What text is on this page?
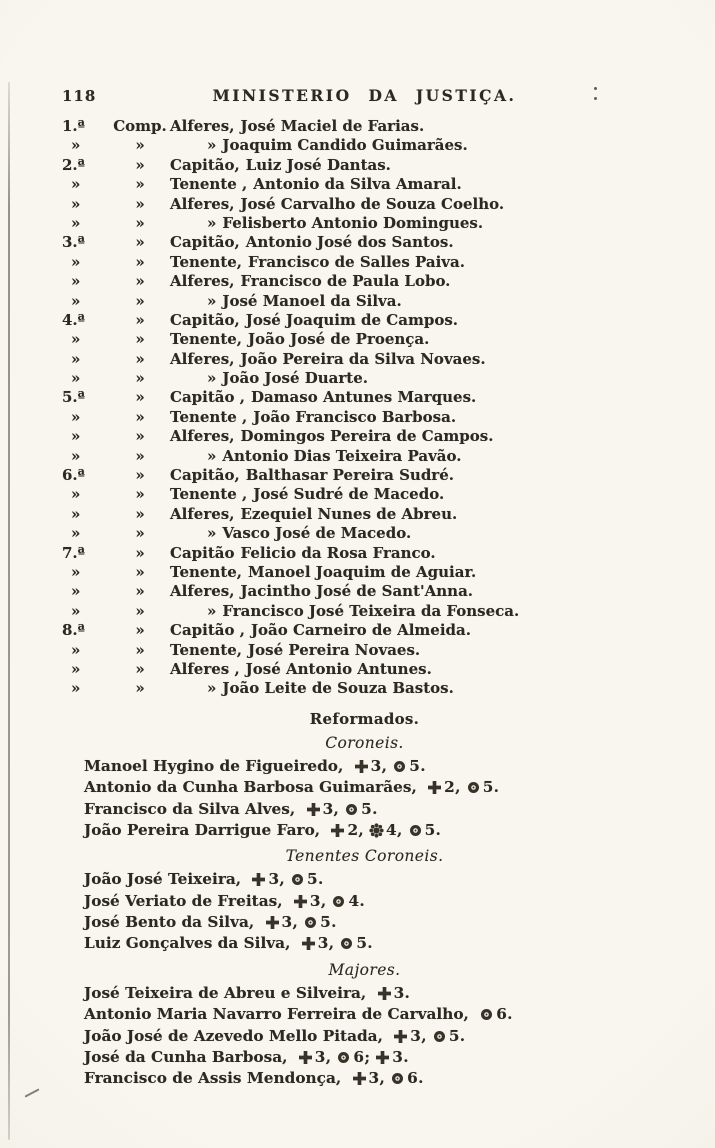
118	MINISTERIO DA JUSTIÇA.
1.ª	Comp. Alferes, José Maciel de Farias.
»	»	» Joaquim Candido Guimarães.
2.ª	»	Capitão, Luiz José Dantas.
»	»	Tenente , Antonio da Silva Amaral.
»	»	Alferes, José Carvalho de Souza Coelho.
»	»	» Felisberto Antonio Domingues.
3.ª	»	Capitão, Antonio José dos Santos.
»	»	Tenente, Francisco de Salles Paiva.
»	»	Alferes, Francisco de Paula Lobo.
»	»	» José Manoel da Silva.
4.ª	»	Capitão, José Joaquim de Campos.
»	»	Tenente, João José de Proença.
»	»	Alferes, João Pereira da Silva Novaes.
»	»	» João José Duarte.
5.ª	»	Capitão , Damaso Antunes Marques.
»	»	Tenente , João Francisco Barbosa.
»	»	Alferes, Domingos Pereira de Campos.
»	»	» Antonio Dias Teixeira Pavão.
6.ª	»	Capitão, Balthasar Pereira Sudré.
»	»	Tenente , José Sudré de Macedo.
»	»	Alferes, Ezequiel Nunes de Abreu.
»	»	» Vasco José de Macedo.
7.ª	»	Capitão Felicio da Rosa Franco.
»	»	Tenente, Manoel Joaquim de Aguiar.
»	»	Alferes, Jacintho José de Sant'Anna.
»	»	» Francisco José Teixeira da Fonseca.
8.ª	»	Capitão , João Carneiro de Almeida.
»	»	Tenente, José Pereira Novaes.
»	»	Alferes , José Antonio Antunes.
»	»	» João Leite de Souza Bastos.
Reformados.
Coroneis.
Manoel Hygino de Figueiredo, 3, 5.
Antonio da Cunha Barbosa Guimarães, 2, 5.
Francisco da Silva Alves, 3, 5.
João Pereira Darrigue Faro, 2, 4, 5.
Tenentes Coroneis.
João José Teixeira, 3, 5.
José Veriato de Freitas, 3, 4.
José Bento da Silva, 3, 5.
Luiz Gonçalves da Silva, 3, 5.
Majores.
José Teixeira de Abreu e Silveira, 3.
Antonio Maria Navarro Ferreira de Carvalho, 6.
João José de Azevedo Mello Pitada, 3, 5.
José da Cunha Barbosa, 3, 6; 3.
Francisco de Assis Mendonça, 3, 6.
